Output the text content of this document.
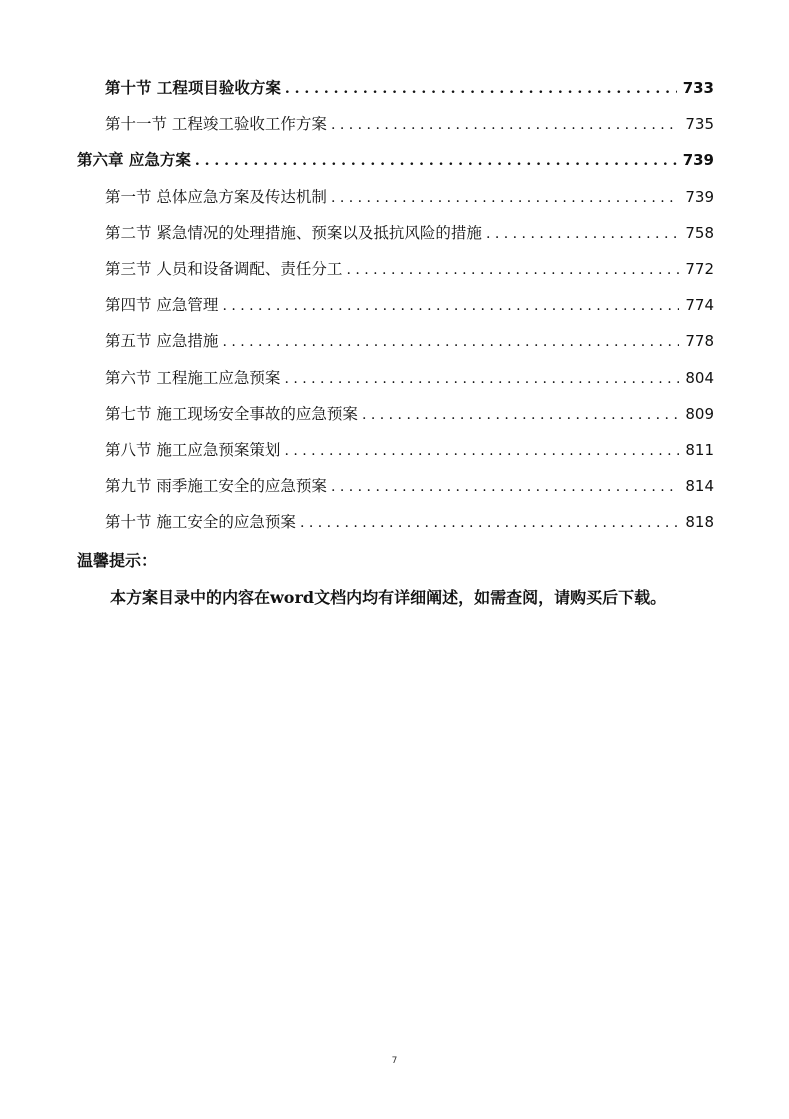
第十节 工程项目验收方案 . . .	733
第十一节 工程竣工验收工作方案 . . .	735
第六章 应急方案 . . .	739
第一节 总体应急方案及传达机制 . . .	739
第二节 紧急情况的处理措施、预案以及抵抗风险的措施 . . .	758
第三节 人员和设备调配、责任分工 . . .	772
第四节 应急管理 . . .	774
第五节 应急措施 . . .	778
第六节 工程施工应急预案 . . .	804
第七节 施工现场安全事故的应急预案 . . .	809
第八节 施工应急预案策划 . . .	811
第九节 雨季施工安全的应急预案 . . .	814
第十节 施工安全的应急预案 . . .	818
温馨提示：
本方案目录中的内容在word文档内均有详细阐述，如需查阅，请购买后下载。
7
